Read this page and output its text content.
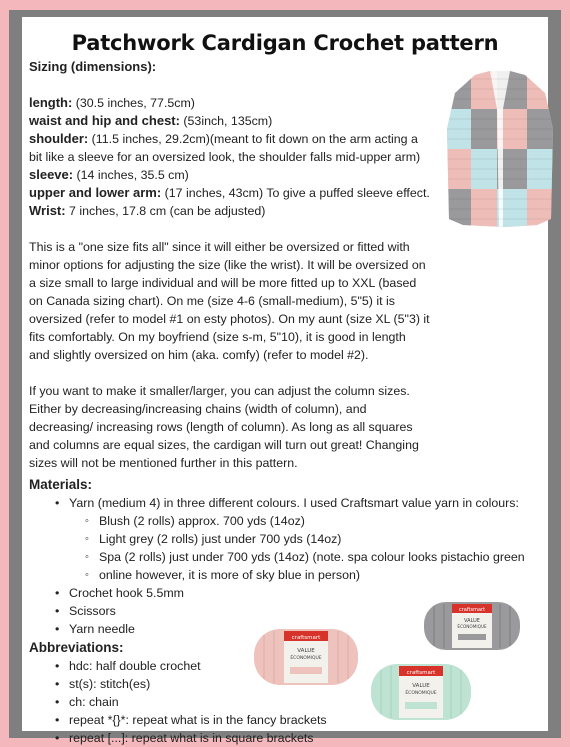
Patchwork Cardigan Crochet pattern
Sizing (dimensions):
length: (30.5 inches, 77.5cm)
waist and hip and chest: (53inch, 135cm)
shoulder: (11.5 inches, 29.2cm)(meant to fit down on the arm acting a
bit like a sleeve for an oversized look, the shoulder falls mid-upper arm)
sleeve: (14 inches, 35.5 cm)
upper and lower arm: (17 inches, 43cm) To give a puffed sleeve effect.
Wrist: 7 inches, 17.8 cm (can be adjusted)
This is a "one size fits all" since it will either be oversized or fitted with
minor options for adjusting the size (like the wrist). It will be oversized on
a size small to large individual and will be more fitted up to XXL (based
on Canada sizing chart). On me (size 4-6 (small-medium), 5"5) it is
oversized (refer to model #1 on esty photos). On my aunt (size XL (5"3) it
fits comfortably. On my boyfriend (size s-m, 5"10), it is good in length
and slightly oversized on him (aka. comfy) (refer to model #2).
If you want to make it smaller/larger, you can adjust the column sizes.
Either by decreasing/increasing chains (width of column), and
decreasing/ increasing rows (length of column). As long as all squares
and columns are equal sizes, the cardigan will turn out great! Changing
sizes will not be mentioned further in this pattern.
Materials:
• Yarn (medium 4) in three different colours. I used Craftsmart value yarn in colours:
◦ Blush (2 rolls) approx. 700 yds (14oz)
◦ Light grey (2 rolls) just under 700 yds (14oz)
◦ Spa (2 rolls) just under 700 yds (14oz) (note. spa colour looks pistachio green
◦ online however, it is more of sky blue in person)
• Crochet hook 5.5mm
• Scissors
• Yarn needle
Abbreviations:
• hdc: half double crochet
• st(s): stitch(es)
• ch: chain
• repeat *{}*: repeat what is in the fancy brackets
• repeat [...]: repeat what is in square brackets
craftsmart
VALUE
ÉCONOMIQUE
craftsmart
VALUE
ÉCONOMIQUE
craftsmart
VALUE
ÉCONOMIQUE
